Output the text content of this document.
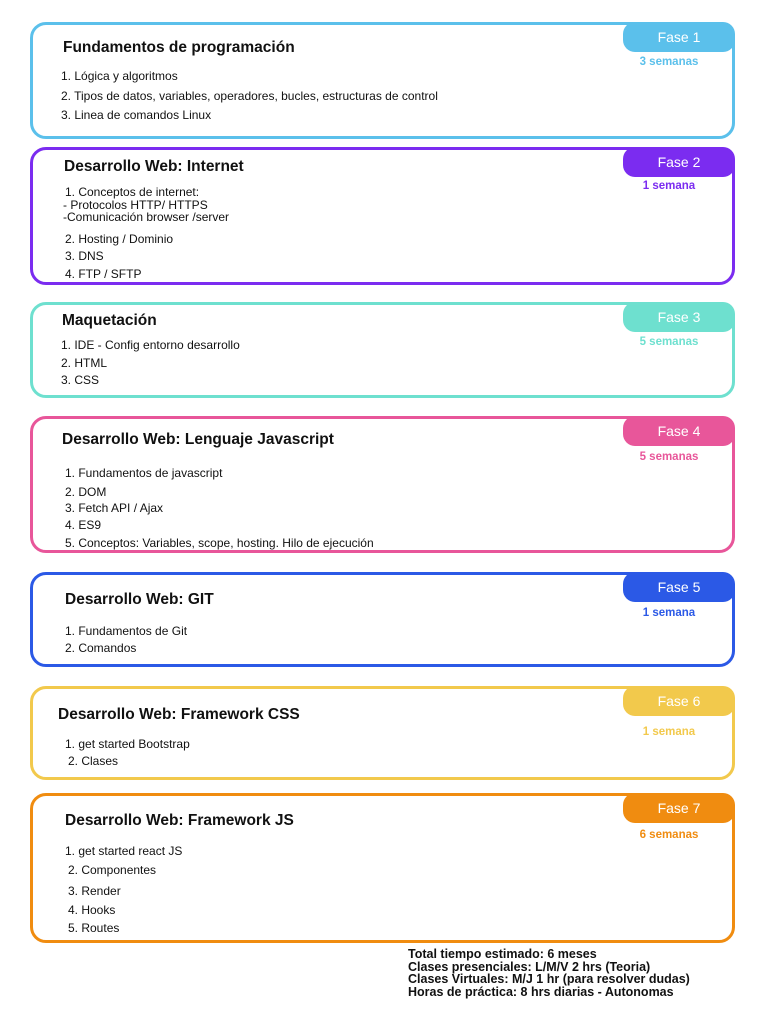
Fundamentos de programación
Fase 1
3 semanas
1. Lógica y algoritmos
2. Tipos de datos, variables, operadores, bucles, estructuras de control
3. Linea de comandos Linux
Desarrollo Web: Internet	Fase 2
1 semana
1. Conceptos de internet:
- Protocolos HTTP/ HTTPS
-Comunicación browser /server
2. Hosting / Dominio
3. DNS
4. FTP / SFTP
Maquetación	Fase 3
5 semanas
1. IDE - Config entorno desarrollo
2. HTML
3. CSS
Desarrollo Web: Lenguaje Javascript	Fase 4
5 semanas
1. Fundamentos de javascript
2. DOM
3. Fetch API / Ajax
4. ES9
5. Conceptos: Variables, scope, hosting. Hilo de ejecución
Desarrollo Web: GIT
Fase 5
1 semana
1. Fundamentos de Git
2. Comandos
Desarrollo Web: Framework CSS
Fase 6
1 semana
1. get started Bootstrap
2. Clases
Desarrollo Web: Framework JS
Fase 7
6 semanas
1. get started react JS
2. Componentes
3. Render
4. Hooks
5. Routes
Total tiempo estimado: 6 meses
Clases presenciales: L/M/V 2 hrs (Teoria)
Clases Virtuales: M/J 1 hr (para resolver dudas)
Horas de práctica: 8 hrs diarias - Autonomas
